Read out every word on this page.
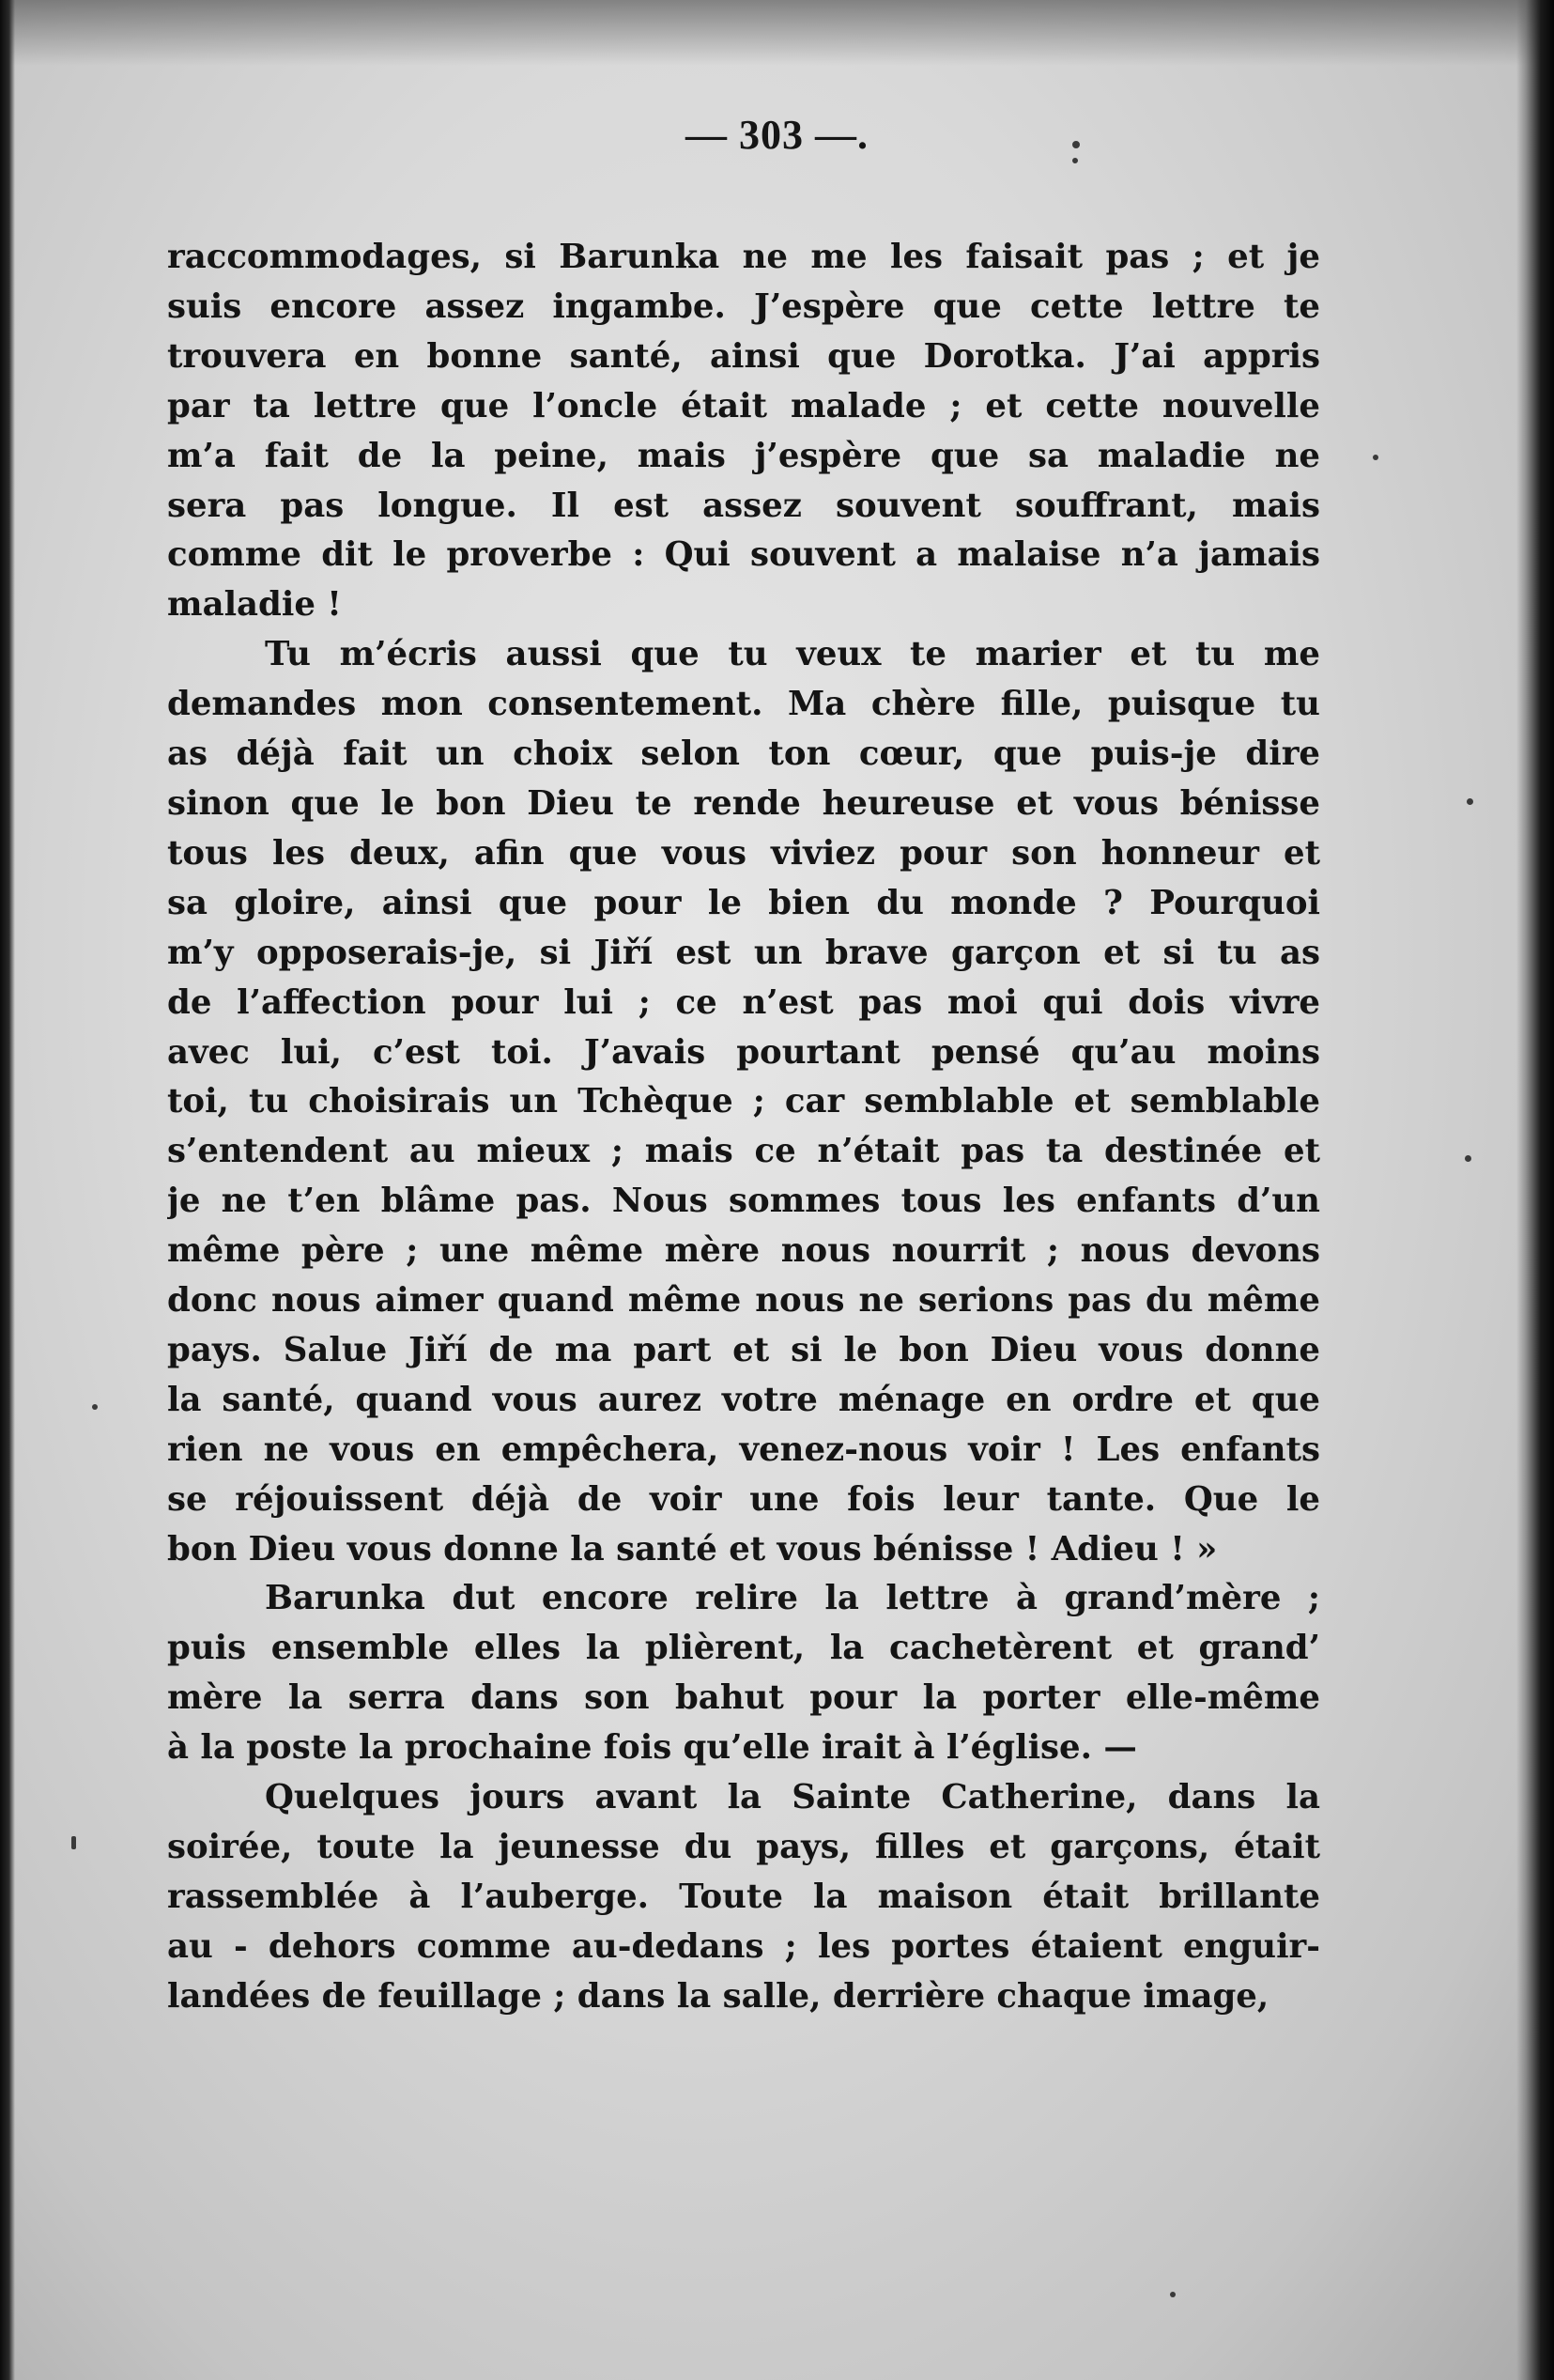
— 303 —.
raccommodages, si Barunka ne me les faisait pas ; et je
suis encore assez ingambe. J’espère que cette lettre te
trouvera en bonne santé, ainsi que Dorotka. J’ai appris
par ta lettre que l’oncle était malade ; et cette nouvelle
m’a fait de la peine, mais j’espère que sa maladie ne
sera pas longue. Il est assez souvent souffrant, mais
comme dit le proverbe : Qui souvent a malaise n’a jamais
maladie !
Tu m’écris aussi que tu veux te marier et tu me
demandes mon consentement. Ma chère fille, puisque tu
as déjà fait un choix selon ton cœur, que puis-je dire
sinon que le bon Dieu te rende heureuse et vous bénisse
tous les deux, afin que vous viviez pour son honneur et
sa gloire, ainsi que pour le bien du monde ? Pourquoi
m’y opposerais-je, si Jiří est un brave garçon et si tu as
de l’affection pour lui ; ce n’est pas moi qui dois vivre
avec lui, c’est toi. J’avais pourtant pensé qu’au moins
toi, tu choisirais un Tchèque ; car semblable et semblable
s’entendent au mieux ; mais ce n’était pas ta destinée et
je ne t’en blâme pas. Nous sommes tous les enfants d’un
même père ; une même mère nous nourrit ; nous devons
donc nous aimer quand même nous ne serions pas du même
pays. Salue Jiří de ma part et si le bon Dieu vous donne
la santé, quand vous aurez votre ménage en ordre et que
rien ne vous en empêchera, venez-nous voir ! Les enfants
se réjouissent déjà de voir une fois leur tante. Que le
bon Dieu vous donne la santé et vous bénisse ! Adieu ! »
Barunka dut encore relire la lettre à grand’mère ;
puis ensemble elles la plièrent, la cachetèrent et grand’
mère la serra dans son bahut pour la porter elle-même
à la poste la prochaine fois qu’elle irait à l’église. —
Quelques jours avant la Sainte Catherine, dans la
soirée, toute la jeunesse du pays, filles et garçons, était
rassemblée à l’auberge. Toute la maison était brillante
au - dehors comme au-dedans ; les portes étaient enguir-
landées de feuillage ; dans la salle, derrière chaque image,
